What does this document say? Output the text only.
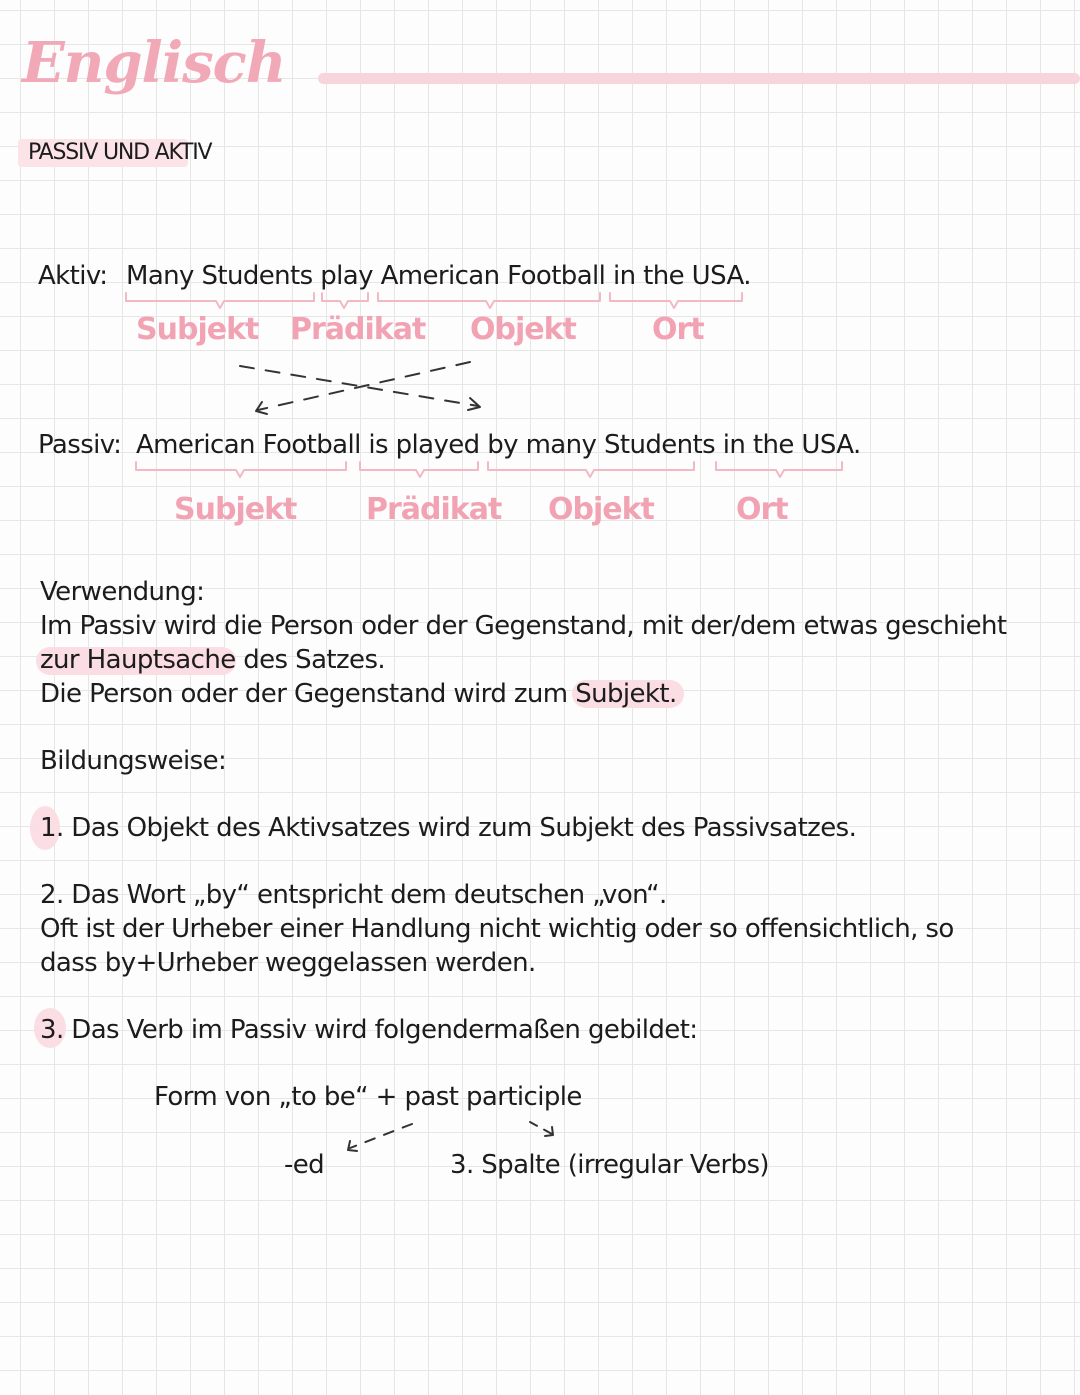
Englisch
PASSIV UND AKTIV
Aktiv: Many Students play American Football in the USA.
Subjekt Prädikat Objekt	Ort
Passiv: American Football is played by many Students in the USA.
Subjekt Prädikat Objekt	Ort
Verwendung:
Im Passiv wird die Person oder der Gegenstand, mit der/dem etwas geschieht
zur Hauptsache des Satzes.
Die Person oder der Gegenstand wird zum Subjekt.
Bildungsweise:
1. Das Objekt des Aktivsatzes wird zum Subjekt des Passivsatzes.
2. Das Wort „by“ entspricht dem deutschen „von“.
Oft ist der Urheber einer Handlung nicht wichtig oder so offensichtlich, so
dass by+Urheber weggelassen werden.
3. Das Verb im Passiv wird folgendermaßen gebildet:
Form von „to be“ + past participle
-ed	3. Spalte (irregular Verbs)
